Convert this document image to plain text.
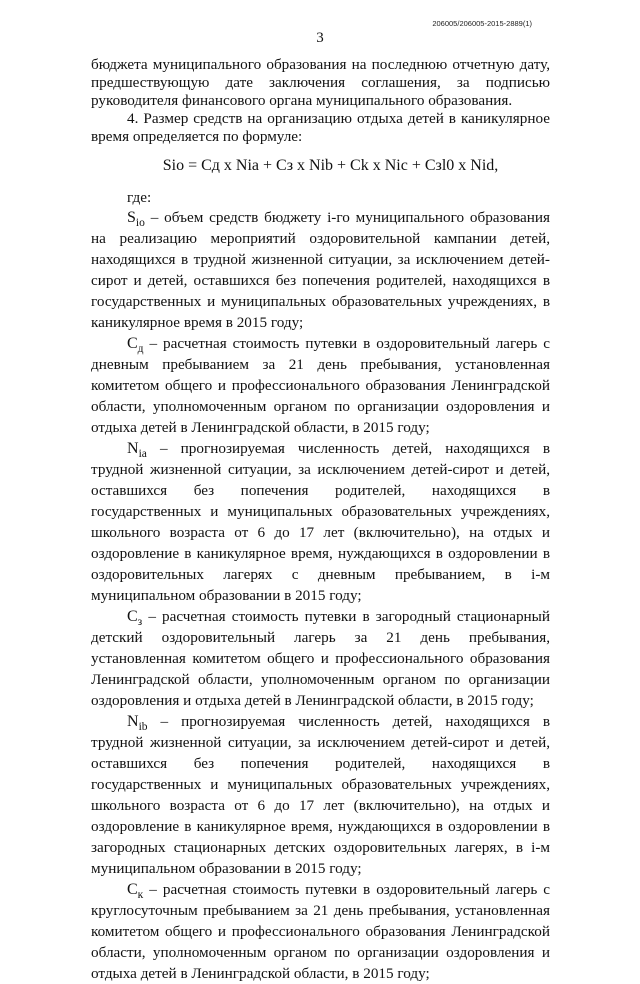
206005/206005-2015-2889(1)
3

бюджета муниципального образования на последнюю отчетную дату, предшествующую дате заключения соглашения, за подписью руководителя финансового органа муниципального образования.

4. Размер средств на организацию отдыха детей в каникулярное время определяется по формуле:

Sio = Cд x Nia + Cз x Nib + Ck x Nic + Cзl0 x Nid,

где:

$S_{io}$ – объем средств бюджету i-го муниципального образования на реализацию мероприятий оздоровительной кампании детей, находящихся в трудной жизненной ситуации, за исключением детей-сирот и детей, оставшихся без попечения родителей, находящихся в государственных и муниципальных образовательных учреждениях, в каникулярное время в 2015 году;

$C_д$ – расчетная стоимость путевки в оздоровительный лагерь с дневным пребыванием за 21 день пребывания, установленная комитетом общего и профессионального образования Ленинградской области, уполномоченным органом по организации оздоровления и отдыха детей в Ленинградской области, в 2015 году;

$N_{ia}$ – прогнозируемая численность детей, находящихся в трудной жизненной ситуации, за исключением детей-сирот и детей, оставшихся без попечения родителей, находящихся в государственных и муниципальных образовательных учреждениях, школьного возраста от 6 до 17 лет (включительно), на отдых и оздоровление в каникулярное время, нуждающихся в оздоровлении в оздоровительных лагерях с дневным пребыванием, в i-м муниципальном образовании в 2015 году;

$C_з$ – расчетная стоимость путевки в загородный стационарный детский оздоровительный лагерь за 21 день пребывания, установленная комитетом общего и профессионального образования Ленинградской области, уполномоченным органом по организации оздоровления и отдыха детей в Ленинградской области, в 2015 году;

$N_{ib}$ – прогнозируемая численность детей, находящихся в трудной жизненной ситуации, за исключением детей-сирот и детей, оставшихся без попечения родителей, находящихся в государственных и муниципальных образовательных учреждениях, школьного возраста от 6 до 17 лет (включительно), на отдых и оздоровление в каникулярное время, нуждающихся в оздоровлении в загородных стационарных детских оздоровительных лагерях, в i-м муниципальном образовании в 2015 году;

$C_к$ – расчетная стоимость путевки в оздоровительный лагерь с круглосуточным пребыванием за 21 день пребывания, установленная комитетом общего и профессионального образования Ленинградской области, уполномоченным органом по организации оздоровления и отдыха детей в Ленинградской области, в 2015 году;
